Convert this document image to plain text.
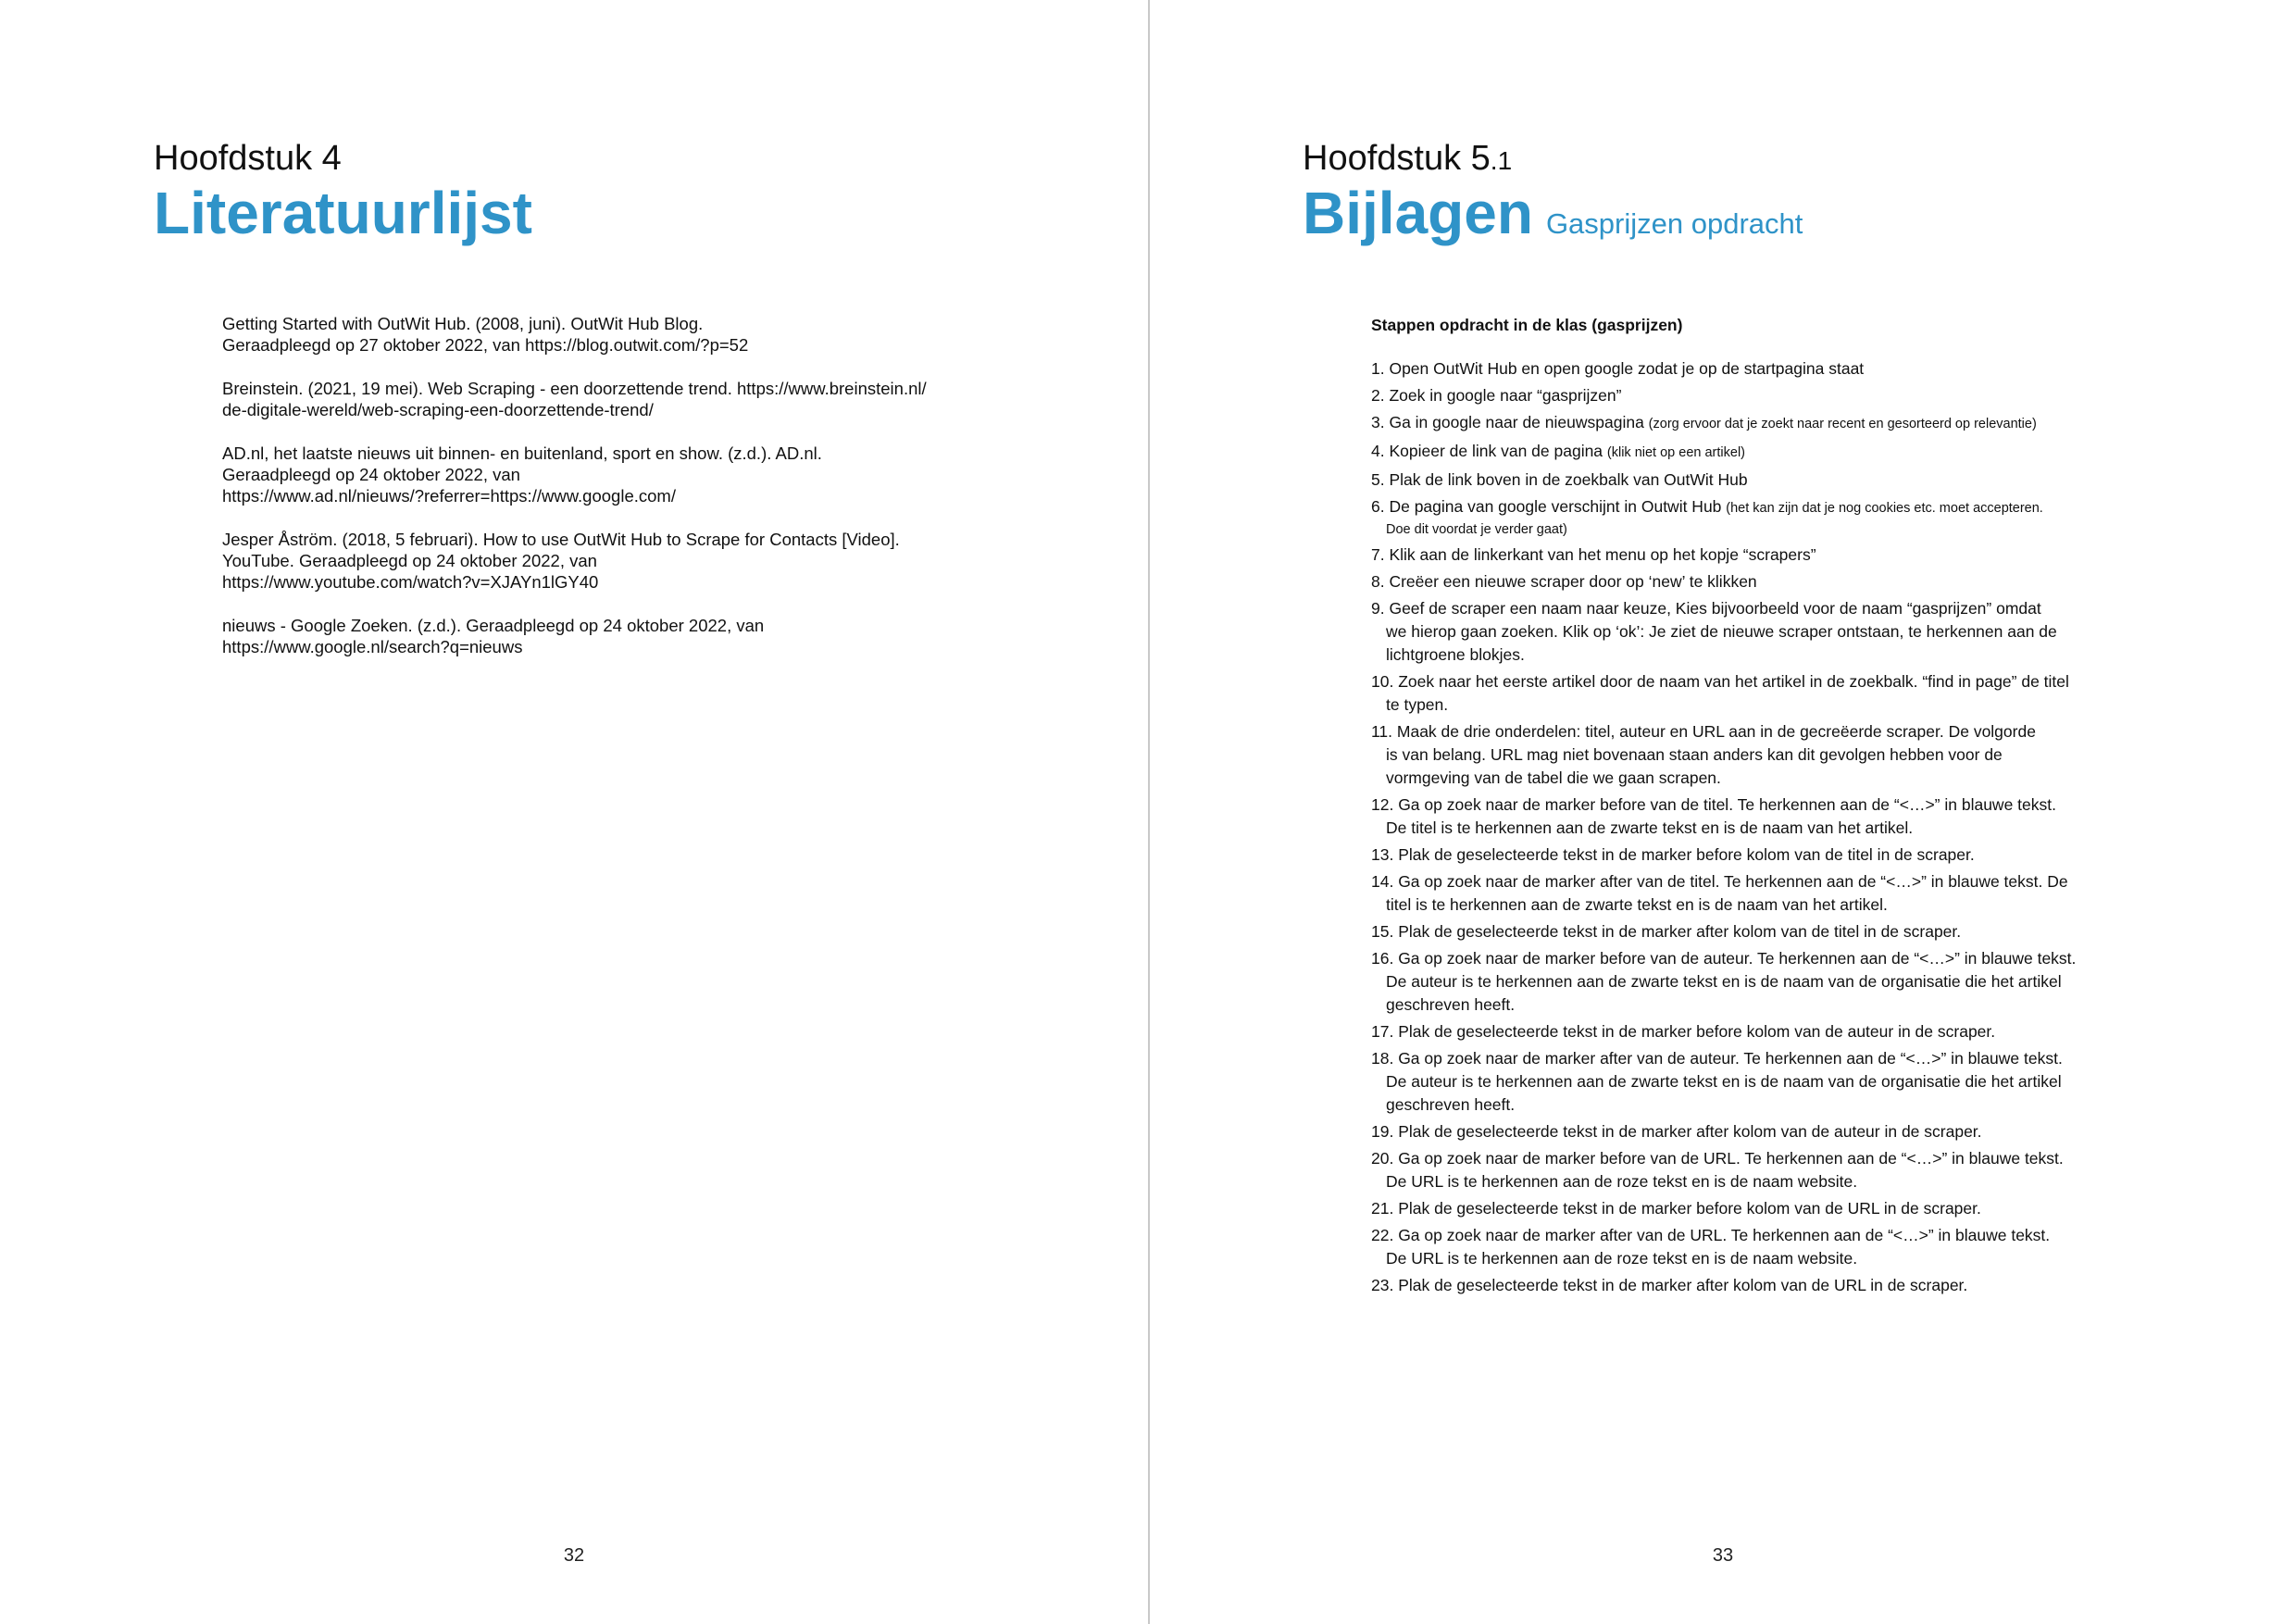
Hoofdstuk 4
Literatuurlijst
Getting Started with OutWit Hub. (2008, juni). OutWit Hub Blog.
Geraadpleegd op 27 oktober 2022, van https://blog.outwit.com/?p=52
Breinstein. (2021, 19 mei). Web Scraping - een doorzettende trend. https://www.breinstein.nl/
de-digitale-wereld/web-scraping-een-doorzettende-trend/
AD.nl, het laatste nieuws uit binnen- en buitenland, sport en show. (z.d.). AD.nl.
Geraadpleegd op 24 oktober 2022, van
https://www.ad.nl/nieuws/?referrer=https://www.google.com/
Jesper Åström. (2018, 5 februari). How to use OutWit Hub to Scrape for Contacts [Video].
YouTube. Geraadpleegd op 24 oktober 2022, van
https://www.youtube.com/watch?v=XJAYn1lGY40
nieuws - Google Zoeken. (z.d.). Geraadpleegd op 24 oktober 2022, van
https://www.google.nl/search?q=nieuws
32
Hoofdstuk 5.1
Bijlagen Gasprijzen opdracht
Stappen opdracht in de klas (gasprijzen)
1. Open OutWit Hub en open google zodat je op de startpagina staat
2. Zoek in google naar “gasprijzen”
3. Ga in google naar de nieuwspagina (zorg ervoor dat je zoekt naar recent en gesorteerd op relevantie)
4. Kopieer de link van de pagina (klik niet op een artikel)
5. Plak de link boven in de zoekbalk van OutWit Hub
6. De pagina van google verschijnt in Outwit Hub (het kan zijn dat je nog cookies etc. moet accepteren.
Doe dit voordat je verder gaat)
7. Klik aan de linkerkant van het menu op het kopje “scrapers”
8. Creëer een nieuwe scraper door op ‘new’ te klikken
9. Geef de scraper een naam naar keuze, Kies bijvoorbeeld voor de naam “gasprijzen” omdat
we hierop gaan zoeken. Klik op ‘ok’: Je ziet de nieuwe scraper ontstaan, te herkennen aan de
lichtgroene blokjes.
10. Zoek naar het eerste artikel door de naam van het artikel in de zoekbalk. “find in page” de titel
te typen.
11. Maak de drie onderdelen: titel, auteur en URL aan in de gecreëerde scraper. De volgorde
is van belang. URL mag niet bovenaan staan anders kan dit gevolgen hebben voor de
vormgeving van de tabel die we gaan scrapen.
12. Ga op zoek naar de marker before van de titel. Te herkennen aan de “<…>” in blauwe tekst.
De titel is te herkennen aan de zwarte tekst en is de naam van het artikel.
13. Plak de geselecteerde tekst in de marker before kolom van de titel in de scraper.
14. Ga op zoek naar de marker after van de titel. Te herkennen aan de “<…>” in blauwe tekst. De
titel is te herkennen aan de zwarte tekst en is de naam van het artikel.
15. Plak de geselecteerde tekst in de marker after kolom van de titel in de scraper.
16. Ga op zoek naar de marker before van de auteur. Te herkennen aan de “<…>” in blauwe tekst.
De auteur is te herkennen aan de zwarte tekst en is de naam van de organisatie die het artikel
geschreven heeft.
17. Plak de geselecteerde tekst in de marker before kolom van de auteur in de scraper.
18. Ga op zoek naar de marker after van de auteur. Te herkennen aan de “<…>” in blauwe tekst.
De auteur is te herkennen aan de zwarte tekst en is de naam van de organisatie die het artikel
geschreven heeft.
19. Plak de geselecteerde tekst in de marker after kolom van de auteur in de scraper.
20. Ga op zoek naar de marker before van de URL. Te herkennen aan de “<…>” in blauwe tekst.
De URL is te herkennen aan de roze tekst en is de naam website.
21. Plak de geselecteerde tekst in de marker before kolom van de URL in de scraper.
22. Ga op zoek naar de marker after van de URL. Te herkennen aan de “<…>” in blauwe tekst.
De URL is te herkennen aan de roze tekst en is de naam website.
23. Plak de geselecteerde tekst in de marker after kolom van de URL in de scraper.
33
